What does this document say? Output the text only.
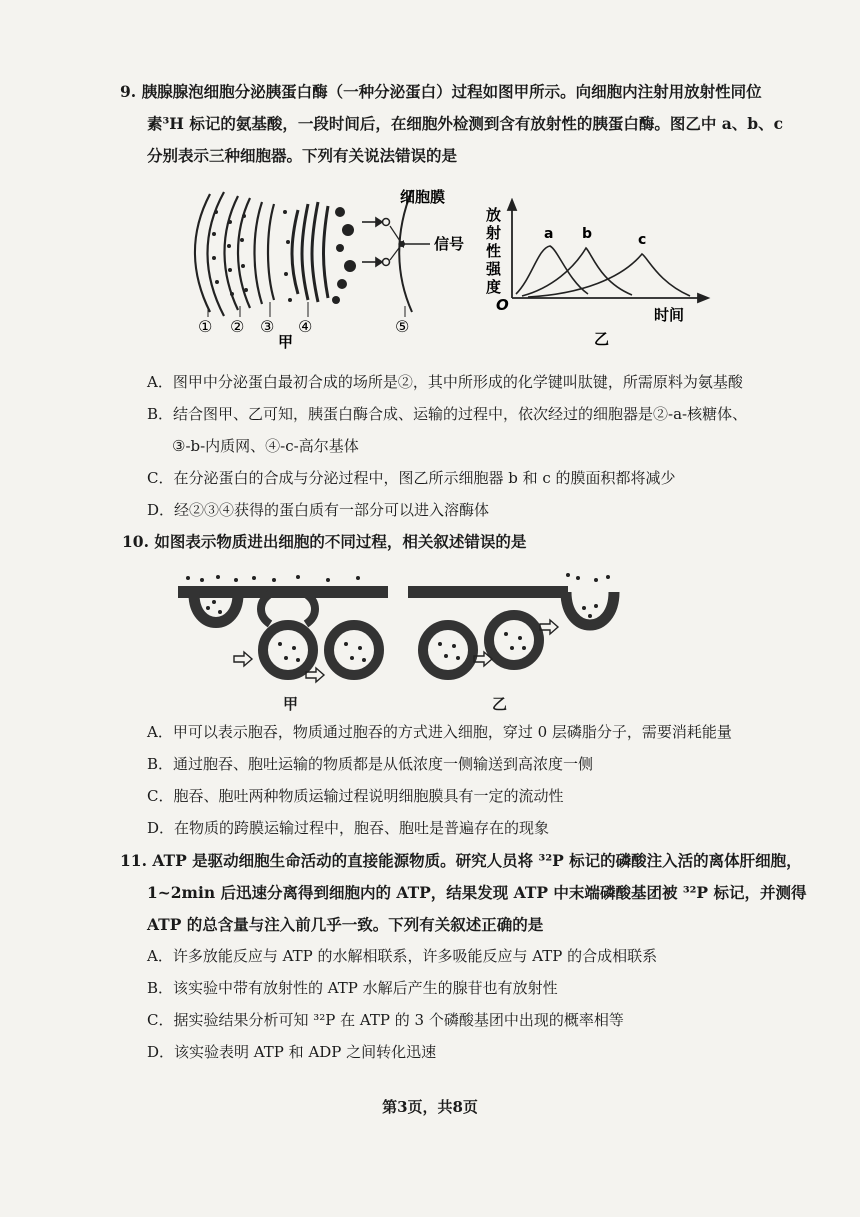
9. 胰腺腺泡细胞分泌胰蛋白酶（一种分泌蛋白）过程如图甲所示。向细胞内注射用放射性同位
素³H 标记的氨基酸，一段时间后，在细胞外检测到含有放射性的胰蛋白酶。图乙中 a、b、c
分别表示三种细胞器。下列有关说法错误的是
细胞膜
信号
① ② ③ ④	⑤
甲
放 射 性 强 度
O
时间
a b	c
乙
A．图甲中分泌蛋白最初合成的场所是②，其中所形成的化学键叫肽键，所需原料为氨基酸
B．结合图甲、乙可知，胰蛋白酶合成、运输的过程中，依次经过的细胞器是②-a-核糖体、
③-b-内质网、④-c-高尔基体
C．在分泌蛋白的合成与分泌过程中，图乙所示细胞器 b 和 c 的膜面积都将减少
D．经②③④获得的蛋白质有一部分可以进入溶酶体
10. 如图表示物质进出细胞的不同过程，相关叙述错误的是
甲	乙
A．甲可以表示胞吞，物质通过胞吞的方式进入细胞，穿过 0 层磷脂分子，需要消耗能量
B．通过胞吞、胞吐运输的物质都是从低浓度一侧输送到高浓度一侧
C．胞吞、胞吐两种物质运输过程说明细胞膜具有一定的流动性
D．在物质的跨膜运输过程中，胞吞、胞吐是普遍存在的现象
11. ATP 是驱动细胞生命活动的直接能源物质。研究人员将 ³²P 标记的磷酸注入活的离体肝细胞，
1~2min 后迅速分离得到细胞内的 ATP，结果发现 ATP 中末端磷酸基团被 ³²P 标记，并测得
ATP 的总含量与注入前几乎一致。下列有关叙述正确的是
A．许多放能反应与 ATP 的水解相联系，许多吸能反应与 ATP 的合成相联系
B．该实验中带有放射性的 ATP 水解后产生的腺苷也有放射性
C．据实验结果分析可知 ³²P 在 ATP 的 3 个磷酸基团中出现的概率相等
D．该实验表明 ATP 和 ADP 之间转化迅速
第3页，共8页
